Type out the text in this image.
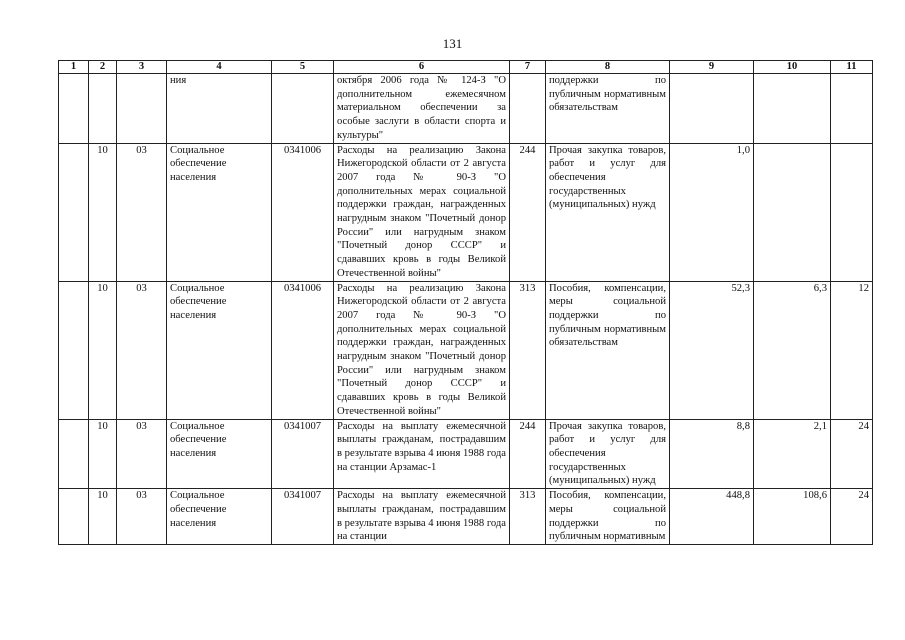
131
1	2	3	4	5	6	7	8	9	10	11
			ния		октября 2006 года № 124-З "О дополнительном ежемесячном материальном обеспечении за особые заслуги в области спорта и культуры"		поддержки по публичным нормативным обязательствам			
	10	03	Социальное обеспечение населения	0341006	Расходы на реализацию Закона Нижегородской области от 2 августа 2007 года № 90-З "О дополнительных мерах социальной поддержки граждан, награжденных нагрудным знаком "Почетный донор России" или нагрудным знаком "Почетный донор СССР" и сдававших кровь в годы Великой Отечественной войны"	244	Прочая закупка товаров, работ и услуг для обеспечения государственных (муниципальных) нужд	1,0		
	10	03	Социальное обеспечение населения	0341006	Расходы на реализацию Закона Нижегородской области от 2 августа 2007 года № 90-З "О дополнительных мерах социальной поддержки граждан, награжденных нагрудным знаком "Почетный донор России" или нагрудным знаком "Почетный донор СССР" и сдававших кровь в годы Великой Отечественной войны"	313	Пособия, компенсации, меры социальной поддержки по публичным нормативным обязательствам	52,3	6,3	12
	10	03	Социальное обеспечение населения	0341007	Расходы на выплату ежемесячной выплаты гражданам, пострадавшим в результате взрыва 4 июня 1988 года на станции Арзамас-1	244	Прочая закупка товаров, работ и услуг для обеспечения государственных (муниципальных) нужд	8,8	2,1	24
	10	03	Социальное обеспечение населения	0341007	Расходы на выплату ежемесячной выплаты гражданам, пострадавшим в результате взрыва 4 июня 1988 года на станции	313	Пособия, компенсации, меры социальной поддержки по публичным нормативным	448,8	108,6	24
